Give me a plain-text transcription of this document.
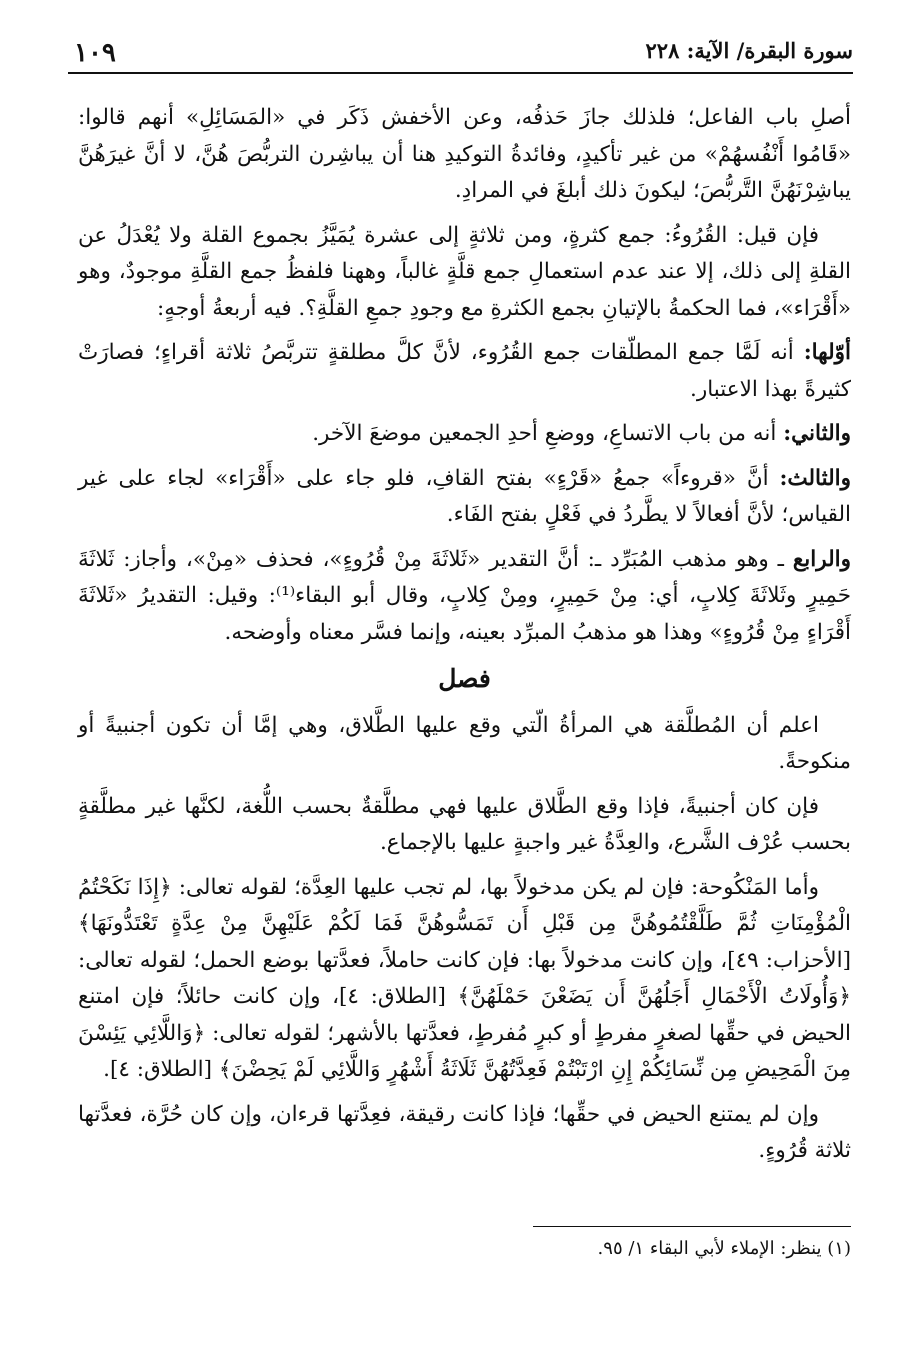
١٠٩	سورة البقرة/ الآية: ٢٢٨

أصلِ باب الفاعل؛ فلذلك جازَ حَذفُه، وعن الأخفش ذَكَر في «المَسَائِلِ» أنهم قالوا: «قَامُوا أَنْفُسهُمْ» من غير تأكيدٍ، وفائدةُ التوكيدِ هنا أن يباشِرن التربُّصَ هُنَّ، لا أنَّ غيرَهُنَّ يباشِرْنَهُنَّ التَّربُّصَ؛ ليكونَ ذلك أبلغَ في المرادِ.

فإن قيل: القُرُوءُ: جمع كثرةٍ، ومن ثلاثةٍ إلى عشرة يُمَيَّزُ بجموع القلة ولا يُعْدَلُ عن القلةِ إلى ذلك، إلا عند عدم استعمالِ جمع قلَّةٍ غالباً، وههنا فلفظُ جمع القلَّةِ موجودٌ، وهو «أَقْرَاء»، فما الحكمةُ بالإتيانِ بجمع الكثرةِ مع وجودِ جمعِ القلَّةِ؟. فيه أربعةُ أوجهٍ:

أوّلها: أنه لَمَّا جمع المطلّقات جمع القُرُوء، لأنَّ كلَّ مطلقةٍ تتربَّصُ ثلاثة أقراءٍ؛ فصارَتْ كثيرةً بهذا الاعتبار.

والثاني: أنه من باب الاتساعِ، ووضعِ أحدِ الجمعين موضعَ الآخر.

والثالث: أنَّ «قروءاً» جمعُ «قَرْءٍ» بفتح القافِ، فلو جاء على «أَقْرَاء» لجاء على غير القياس؛ لأنَّ أفعالاً لا يطَّردُ في فَعْلٍ بفتح الفَاء.

والرابع ـ وهو مذهب المُبَرِّد ـ: أنَّ التقدير «ثَلاثَةَ مِنْ قُرُوءٍ»، فحذف «مِنْ»، وأجاز: ثَلاثَةَ حَمِيرٍ وثَلاثَةَ كِلابٍ، أي: مِنْ حَمِيرٍ، ومِنْ كِلابٍ، وقال أبو البقاء⁽¹⁾: وقيل: التقديرُ «ثَلاثَةَ أَقْرَاءٍ مِنْ قُرُوءٍ» وهذا هو مذهبُ المبرِّد بعينه، وإنما فسَّر معناه وأوضحه.

فصل

اعلم أن المُطلَّقة هي المرأةُ الّتي وقع عليها الطَّلاق، وهي إمَّا أن تكون أجنبيةً أو منكوحةً.

فإن كان أجنبيةً، فإذا وقع الطَّلاق عليها فهي مطلَّقةٌ بحسب اللُّغة، لكنَّها غير مطلَّقةٍ بحسب عُرْف الشَّرع، والعِدَّةُ غير واجبةٍ عليها بالإجماع.

وأما المَنْكُوحة: فإن لم يكن مدخولاً بها، لم تجب عليها العِدَّة؛ لقوله تعالى: ﴿إِذَا نَكَحْتُمُ الْمُؤْمِنَاتِ ثُمَّ طَلَّقْتُمُوهُنَّ مِن قَبْلِ أَن تَمَسُّوهُنَّ فَمَا لَكُمْ عَلَيْهِنَّ مِنْ عِدَّةٍ تَعْتَدُّونَهَا﴾ [الأحزاب: ٤٩]، وإن كانت مدخولاً بها: فإن كانت حاملاً، فعدَّتها بوضع الحمل؛ لقوله تعالى: ﴿وَأُولَاتُ الْأَحْمَالِ أَجَلُهُنَّ أَن يَضَعْنَ حَمْلَهُنَّ﴾ [الطلاق: ٤]، وإن كانت حائلاً؛ فإن امتنع الحيض في حقِّها لصغرٍ مفرطٍ أو كبرٍ مُفرطٍ، فعدَّتها بالأشهر؛ لقوله تعالى: ﴿وَاللَّائِي يَئِسْنَ مِنَ الْمَحِيضِ مِن نِّسَائِكُمْ إِنِ ارْتَبْتُمْ فَعِدَّتُهُنَّ ثَلَاثَةُ أَشْهُرٍ وَاللَّائِي لَمْ يَحِضْنَ﴾ [الطلاق: ٤].

وإن لم يمتنع الحيض في حقِّها؛ فإذا كانت رقيقة، فعِدَّتها قرءان، وإن كان حُرَّة، فعدَّتها ثلاثة قُرُوءٍ.

(١) ينظر: الإملاء لأبي البقاء ١/ ٩٥.
